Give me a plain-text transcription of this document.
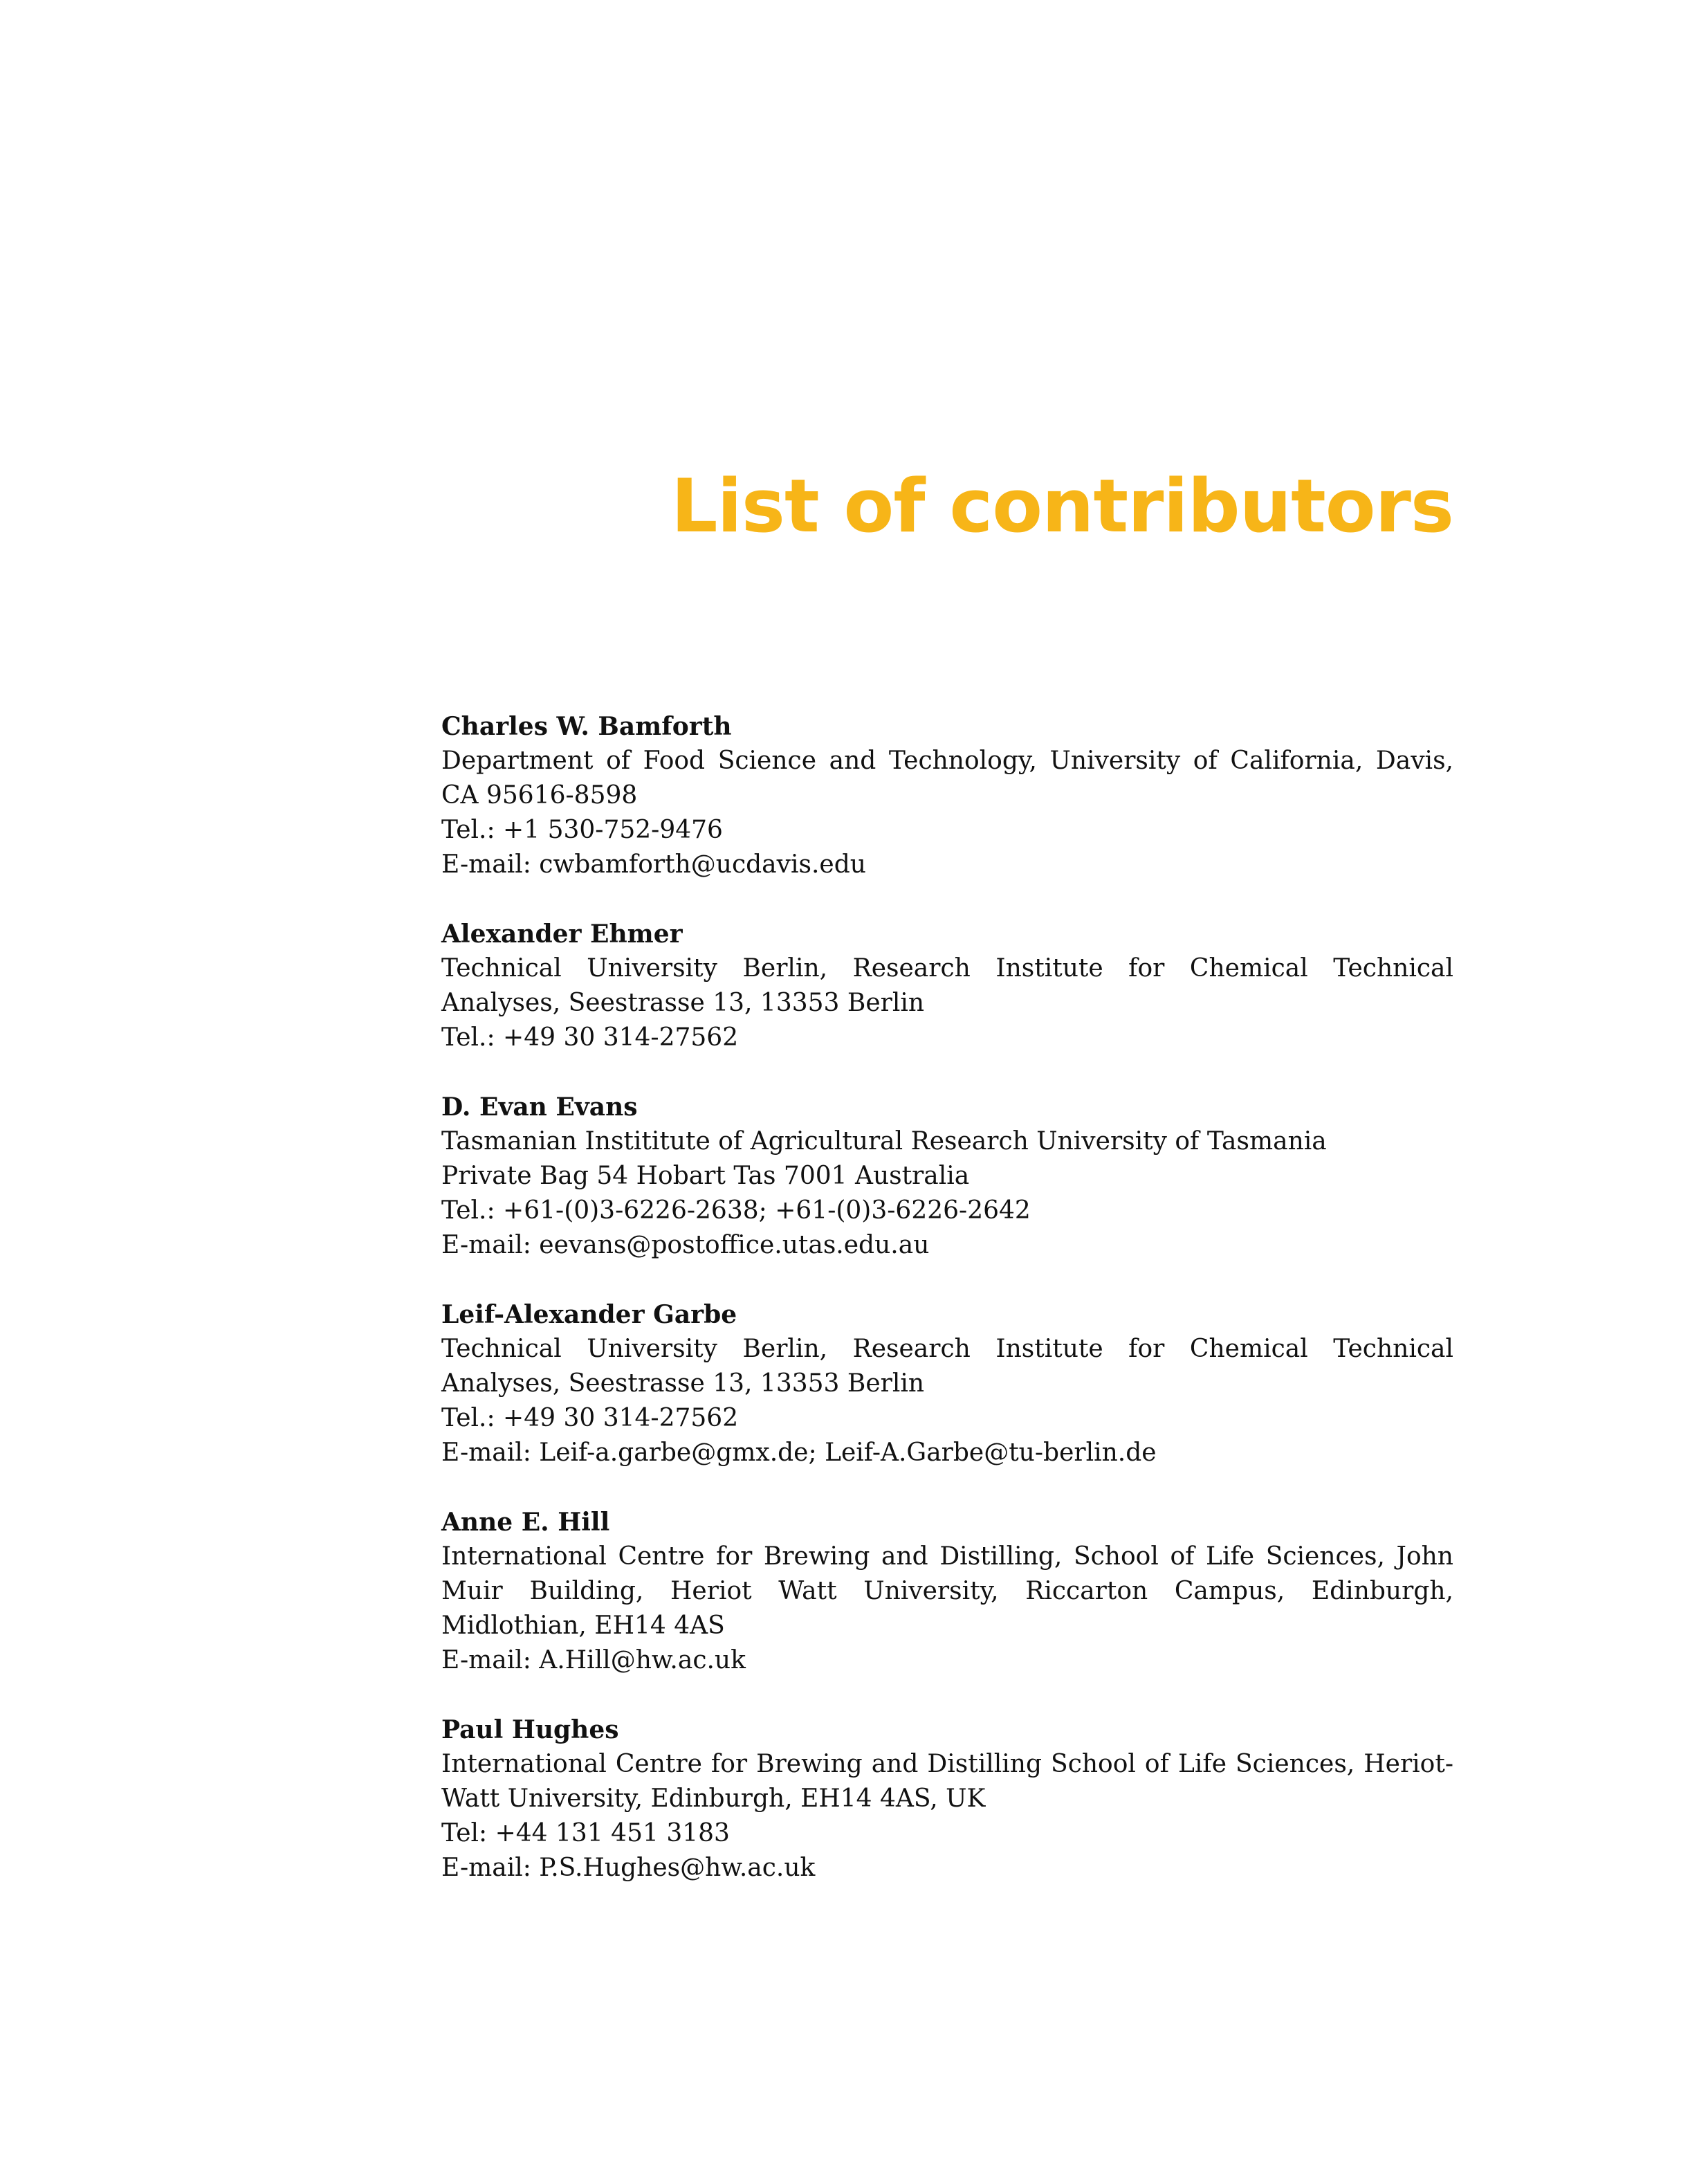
List of contributors
Charles W. Bamforth
Department of Food Science and Technology, University of California, Davis, CA 95616-8598
Tel.: +1 530-752-9476
E-mail: cwbamforth@ucdavis.edu
Alexander Ehmer
Technical University Berlin, Research Institute for Chemical Technical Analyses, Seestrasse 13, 13353 Berlin
Tel.: +49 30 314-27562
D. Evan Evans
Tasmanian Instititute of Agricultural Research University of Tasmania
Private Bag 54 Hobart Tas 7001 Australia
Tel.: +61-(0)3-6226-2638; +61-(0)3-6226-2642
E-mail: eevans@postoffice.utas.edu.au
Leif-Alexander Garbe
Technical University Berlin, Research Institute for Chemical Technical Analyses, Seestrasse 13, 13353 Berlin
Tel.: +49 30 314-27562
E-mail: Leif-a.garbe@gmx.de; Leif-A.Garbe@tu-berlin.de
Anne E. Hill
International Centre for Brewing and Distilling, School of Life Sciences, John Muir Building, Heriot Watt University, Riccarton Campus, Edinburgh, Midlothian, EH14 4AS
E-mail: A.Hill@hw.ac.uk
Paul Hughes
International Centre for Brewing and Distilling School of Life Sciences, Heriot-Watt University, Edinburgh, EH14 4AS, UK
Tel: +44 131 451 3183
E-mail: P.S.Hughes@hw.ac.uk
